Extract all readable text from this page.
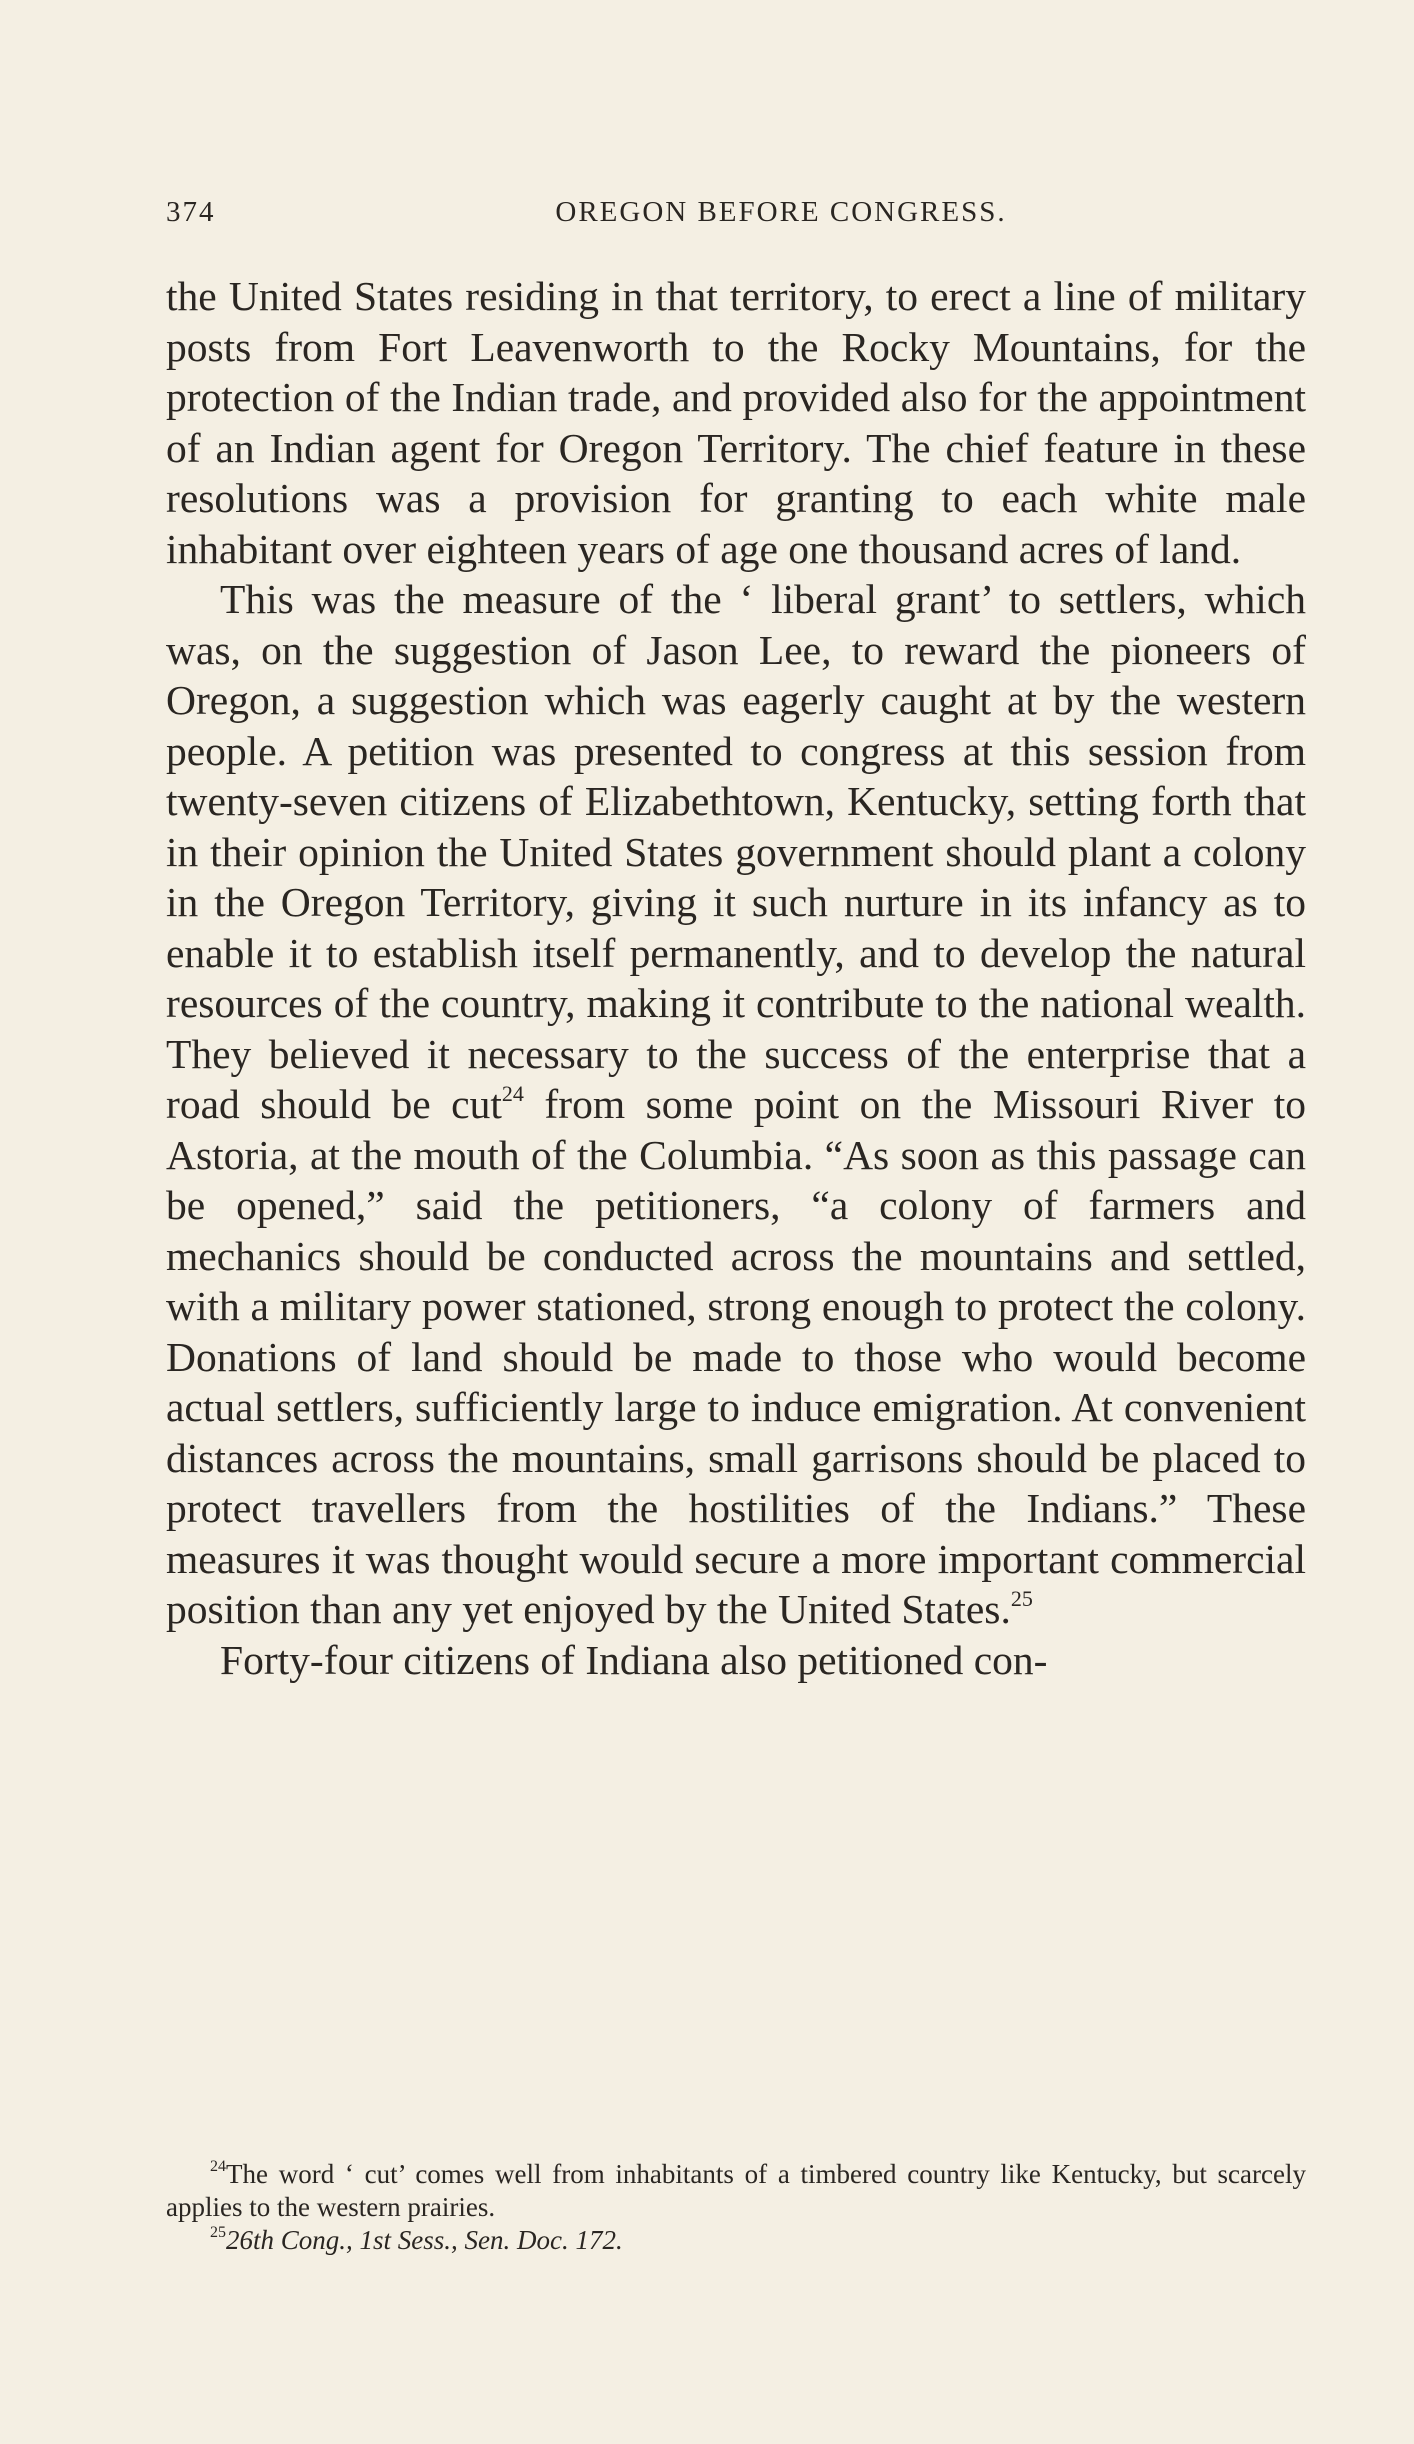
374	OREGON BEFORE CONGRESS.

the United States residing in that territory, to erect a line of military posts from Fort Leavenworth to the Rocky Mountains, for the protection of the Indian trade, and provided also for the appointment of an Indian agent for Oregon Territory. The chief feature in these resolutions was a provision for granting to each white male inhabitant over eighteen years of age one thousand acres of land.

This was the measure of the ‘ liberal grant’ to settlers, which was, on the suggestion of Jason Lee, to reward the pioneers of Oregon, a suggestion which was eagerly caught at by the western people. A petition was presented to congress at this session from twenty-seven citizens of Elizabethtown, Kentucky, setting forth that in their opinion the United States government should plant a colony in the Oregon Territory, giving it such nurture in its infancy as to enable it to establish itself permanently, and to develop the natural resources of the country, making it contribute to the national wealth. They believed it necessary to the success of the enterprise that a road should be cut$^{24}$ from some point on the Missouri River to Astoria, at the mouth of the Columbia. “As soon as this passage can be opened,” said the petitioners, “a colony of farmers and mechanics should be conducted across the mountains and settled, with a military power stationed, strong enough to protect the colony. Donations of land should be made to those who would become actual settlers, sufficiently large to induce emigration. At convenient distances across the mountains, small garrisons should be placed to protect travellers from the hostilities of the Indians.” These measures it was thought would secure a more important commercial position than any yet enjoyed by the United States.$^{25}$

Forty-four citizens of Indiana also petitioned con-

$^{24}$The word ‘ cut’ comes well from inhabitants of a timbered country like Kentucky, but scarcely applies to the western prairies.

$^{25}$26th Cong., 1st Sess., Sen. Doc. 172.
